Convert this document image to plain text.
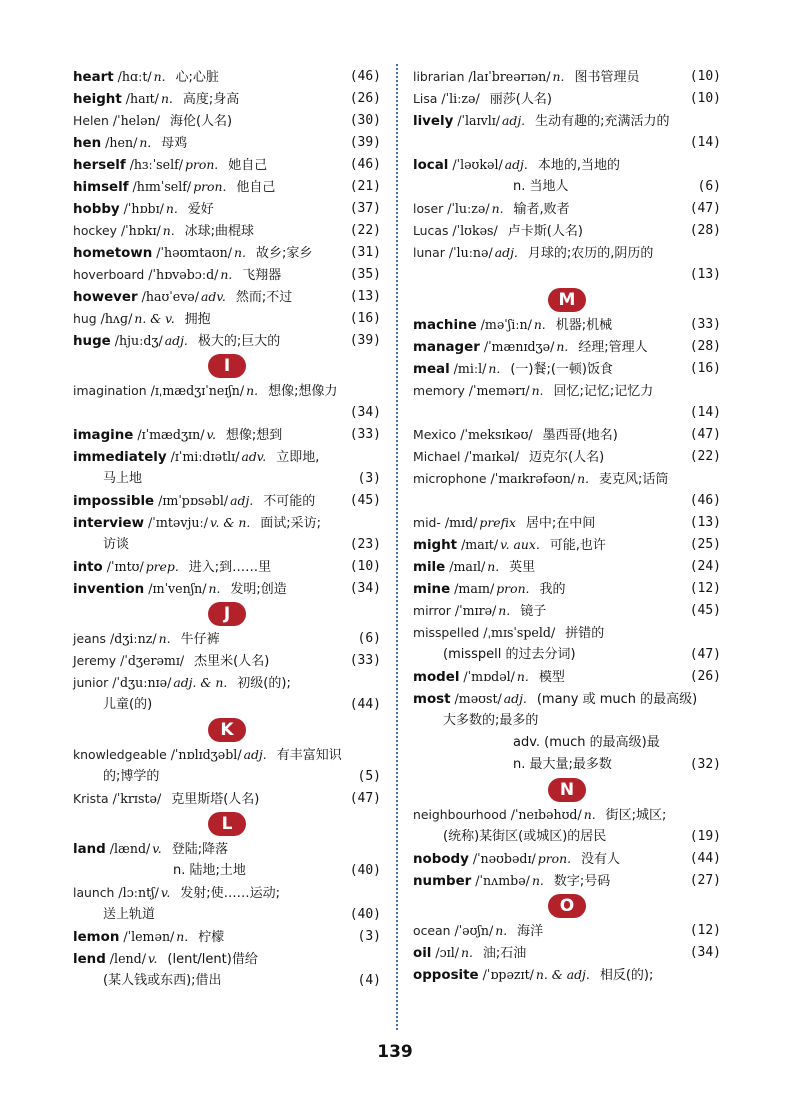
heart /hɑːt/ n. 心;心脏	(46)
height /haɪt/ n. 高度;身高	(26)
Helen /ˈhelən/ 海伦(人名)	(30)
hen /hen/ n. 母鸡	(39)
herself /hɜːˈself/ pron. 她自己	(46)
himself /hɪmˈself/ pron. 他自己	(21)
hobby /ˈhɒbɪ/ n. 爱好	(37)
hockey /ˈhɒkɪ/ n. 冰球;曲棍球	(22)
hometown /ˈhəʊmtaʊn/ n. 故乡;家乡	(31)
hoverboard /ˈhɒvəbɔːd/ n. 飞翔器	(35)
however /haʊˈevə/ adv. 然而;不过	(13)
hug /hʌɡ/ n. & v. 拥抱	(16)
huge /hjuːdʒ/ adj. 极大的;巨大的	(39)
I
imagination /ɪˌmædʒɪˈneɪʃn/ n. 想像;想像力
(34)
imagine /ɪˈmædʒɪn/ v. 想像;想到	(33)
immediately /ɪˈmiːdɪətlɪ/ adv. 立即地,
马上地	(3)
impossible /ɪmˈpɒsəbl/ adj. 不可能的	(45)
interview /ˈɪntəvjuː/ v. & n. 面试;采访;
访谈	(23)
into /ˈɪntʊ/ prep. 进入;到……里	(10)
invention /ɪnˈvenʃn/ n. 发明;创造	(34)
J
jeans /dʒiːnz/ n. 牛仔裤	(6)
Jeremy /ˈdʒerəmɪ/ 杰里米(人名)	(33)
junior /ˈdʒuːnɪə/ adj. & n. 初级(的);
儿童(的)	(44)
K
knowledgeable /ˈnɒlɪdʒəbl/ adj. 有丰富知识
的;博学的	(5)
Krista /ˈkrɪstə/ 克里斯塔(人名)	(47)
L
land /lænd/ v. 登陆;降落
n. 陆地;土地	(40)
launch /lɔːntʃ/ v. 发射;使……运动;
送上轨道	(40)
lemon /ˈlemən/ n. 柠檬	(3)
lend /lend/ v. (lent/lent)借给
(某人钱或东西);借出	(4)
librarian /laɪˈbreərɪən/ n. 图书管理员	(10)
Lisa /ˈliːzə/ 丽莎(人名)	(10)
lively /ˈlaɪvlɪ/ adj. 生动有趣的;充满活力的
(14)
local /ˈləʊkəl/ adj. 本地的,当地的
n. 当地人	(6)
loser /ˈluːzə/ n. 输者,败者	(47)
Lucas /ˈlʊkəs/ 卢卡斯(人名)	(28)
lunar /ˈluːnə/ adj. 月球的;农历的,阴历的
(13)
M
machine /məˈʃiːn/ n. 机器;机械	(33)
manager /ˈmænɪdʒə/ n. 经理;管理人	(28)
meal /miːl/ n. (一)餐;(一顿)饭食	(16)
memory /ˈmemərɪ/ n. 回忆;记忆;记忆力
(14)
Mexico /ˈmeksɪkəʊ/ 墨西哥(地名)	(47)
Michael /ˈmaɪkəl/ 迈克尔(人名)	(22)
microphone /ˈmaɪkrəfəʊn/ n. 麦克风;话筒
(46)
mid- /mɪd/ prefix 居中;在中间	(13)
might /maɪt/ v. aux. 可能,也许	(25)
mile /maɪl/ n. 英里	(24)
mine /maɪn/ pron. 我的	(12)
mirror /ˈmɪrə/ n. 镜子	(45)
misspelled /ˌmɪsˈspeld/ 拼错的
(misspell 的过去分词)	(47)
model /ˈmɒdəl/ n. 模型	(26)
most /məʊst/ adj. (many 或 much 的最高级)
大多数的;最多的
adv. (much 的最高级)最
n. 最大量;最多数	(32)
N
neighbourhood /ˈneɪbəhʊd/ n. 街区;城区;
(统称)某街区(或城区)的居民	(19)
nobody /ˈnəʊbədɪ/ pron. 没有人	(44)
number /ˈnʌmbə/ n. 数字;号码	(27)
O
ocean /ˈəʊʃn/ n. 海洋	(12)
oil /ɔɪl/ n. 油;石油	(34)
opposite /ˈɒpəzɪt/ n. & adj. 相反(的);
139
